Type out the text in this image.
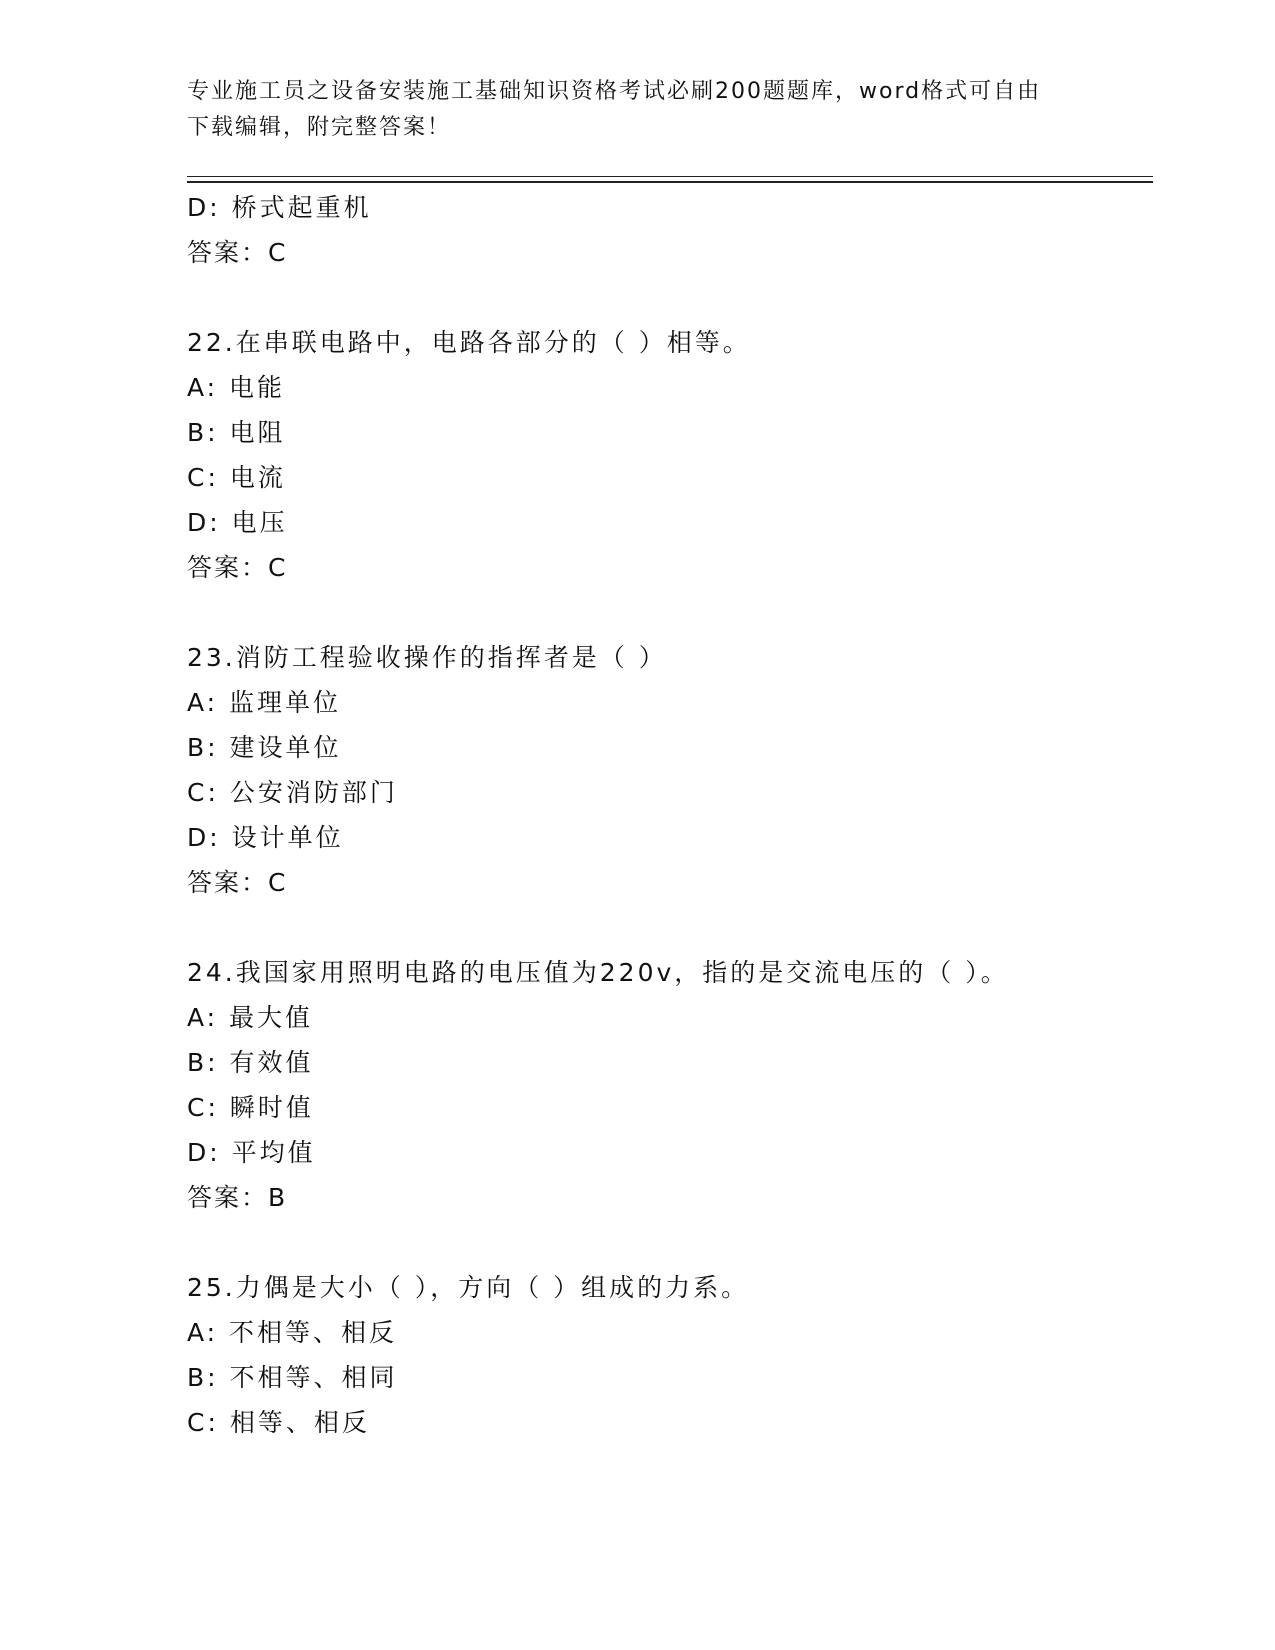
专业施工员之设备安装施工基础知识资格考试必刷200题题库，word格式可自由
下载编辑，附完整答案！
D: 桥式起重机
答案：C
22.在串联电路中，电路各部分的（ ）相等。
A: 电能
B: 电阻
C: 电流
D: 电压
答案：C
23.消防工程验收操作的指挥者是（ ）
A: 监理单位
B: 建设单位
C: 公安消防部门
D: 设计单位
答案：C
24.我国家用照明电路的电压值为220v，指的是交流电压的（ ）。
A: 最大值
B: 有效值
C: 瞬时值
D: 平均值
答案：B
25.力偶是大小（ ），方向（ ）组成的力系。
A: 不相等、相反
B: 不相等、相同
C: 相等、相反
